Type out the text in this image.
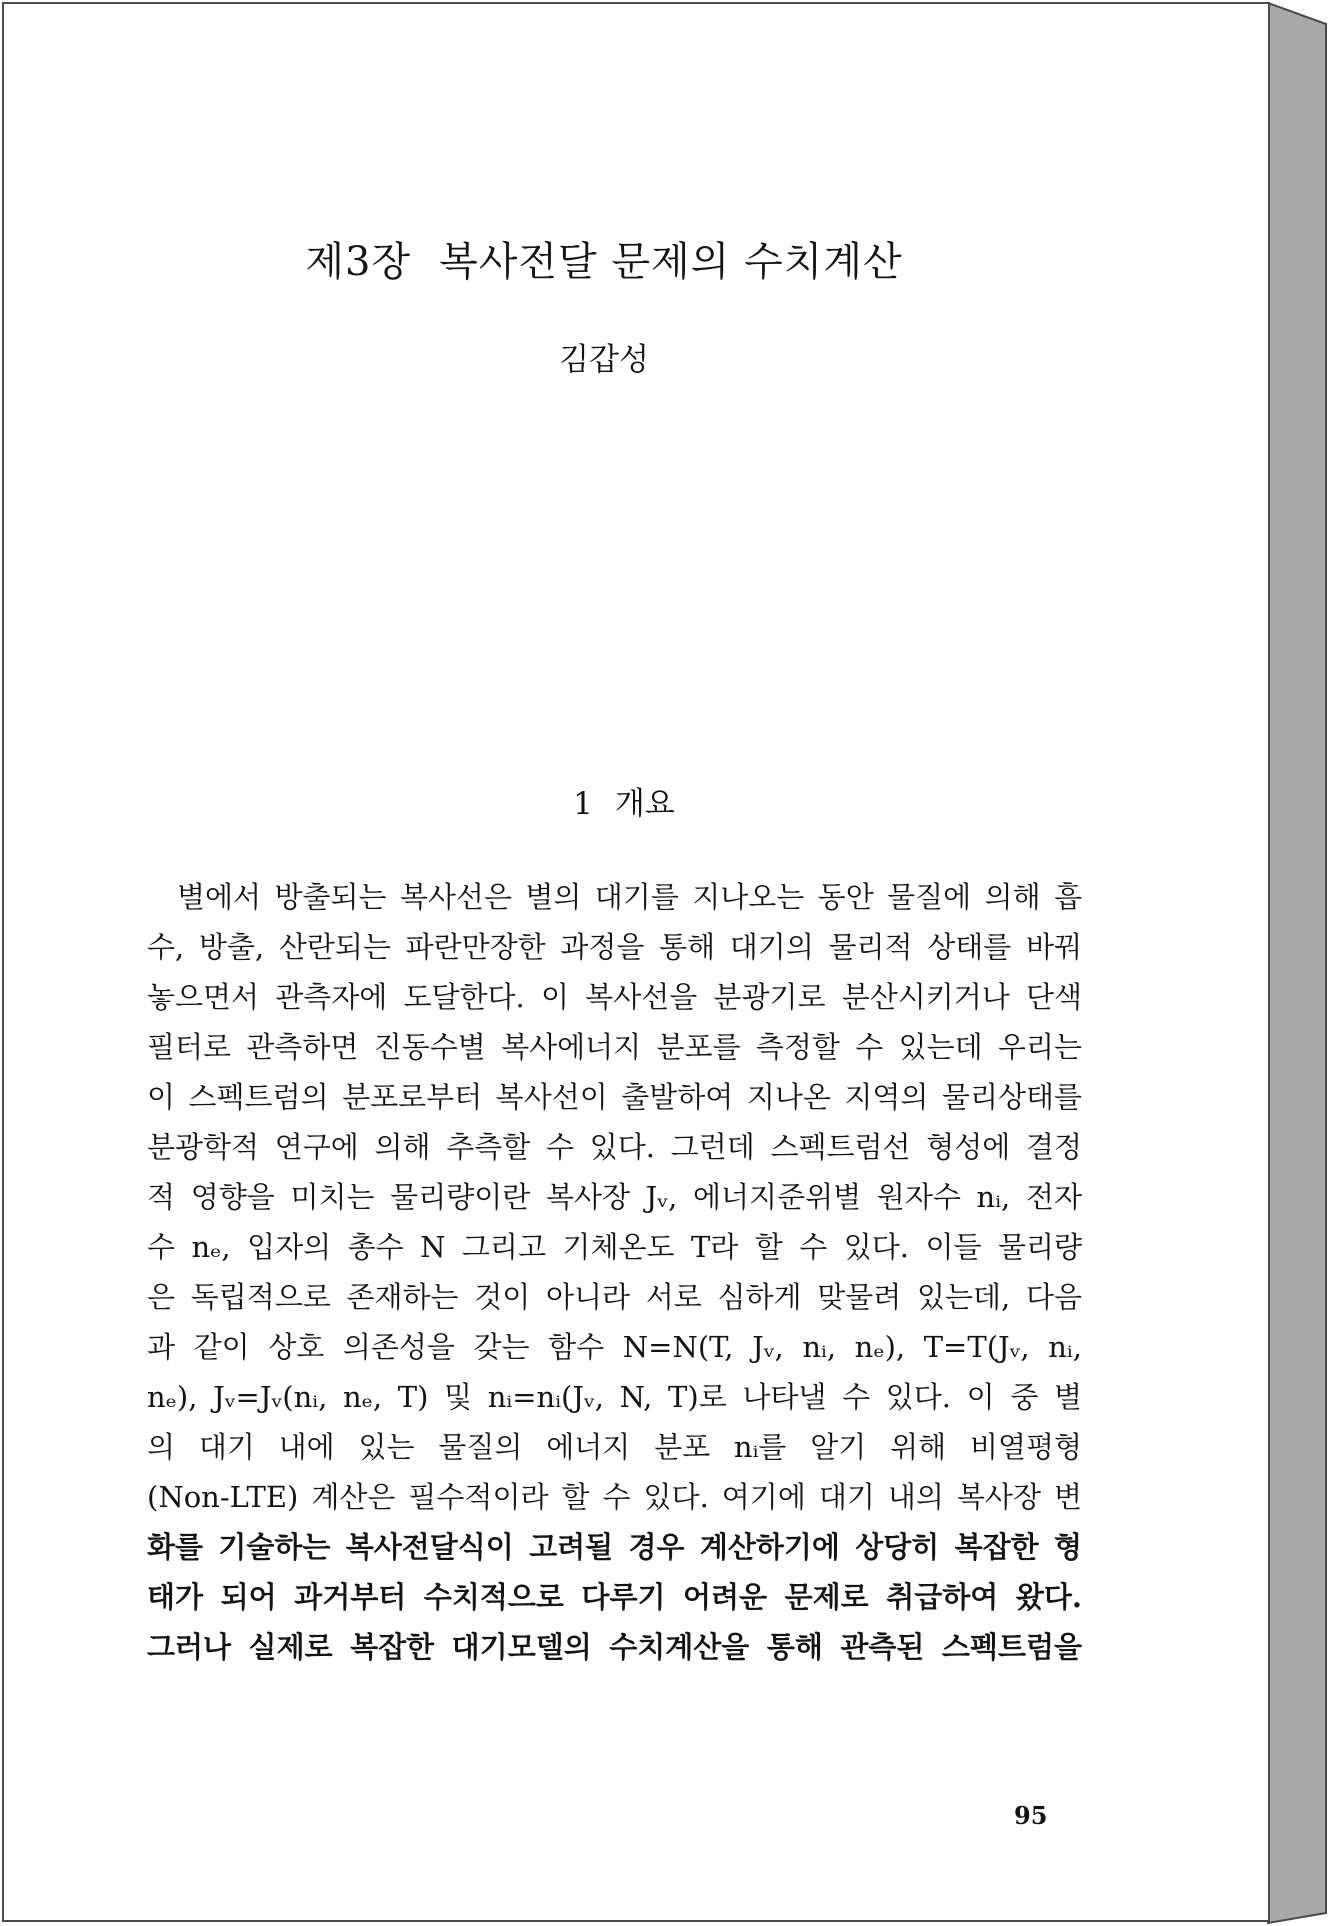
제3장 복사전달 문제의 수치계산
김갑성
1 개요
별에서 방출되는 복사선은 별의 대기를 지나오는 동안 물질에 의해 흡
수, 방출, 산란되는 파란만장한 과정을 통해 대기의 물리적 상태를 바꿔
놓으면서 관측자에 도달한다. 이 복사선을 분광기로 분산시키거나 단색
필터로 관측하면 진동수별 복사에너지 분포를 측정할 수 있는데 우리는
이 스펙트럼의 분포로부터 복사선이 출발하여 지나온 지역의 물리상태를
분광학적 연구에 의해 추측할 수 있다. 그런데 스펙트럼선 형성에 결정
적 영향을 미치는 물리량이란 복사장 Jᵥ, 에너지준위별 원자수 nᵢ, 전자
수 nₑ, 입자의 총수 N 그리고 기체온도 T라 할 수 있다. 이들 물리량
은 독립적으로 존재하는 것이 아니라 서로 심하게 맞물려 있는데, 다음
과 같이 상호 의존성을 갖는 함수 N=N(T, Jᵥ, nᵢ, nₑ), T=T(Jᵥ, nᵢ,
nₑ), Jᵥ=Jᵥ(nᵢ, nₑ, T) 및 nᵢ=nᵢ(Jᵥ, N, T)로 나타낼 수 있다. 이 중 별
의 대기 내에 있는 물질의 에너지 분포 nᵢ를 알기 위해 비열평형
(Non-LTE) 계산은 필수적이라 할 수 있다. 여기에 대기 내의 복사장 변
화를 기술하는 복사전달식이 고려될 경우 계산하기에 상당히 복잡한 형
태가 되어 과거부터 수치적으로 다루기 어려운 문제로 취급하여 왔다.
그러나 실제로 복잡한 대기모델의 수치계산을 통해 관측된 스펙트럼을
95
